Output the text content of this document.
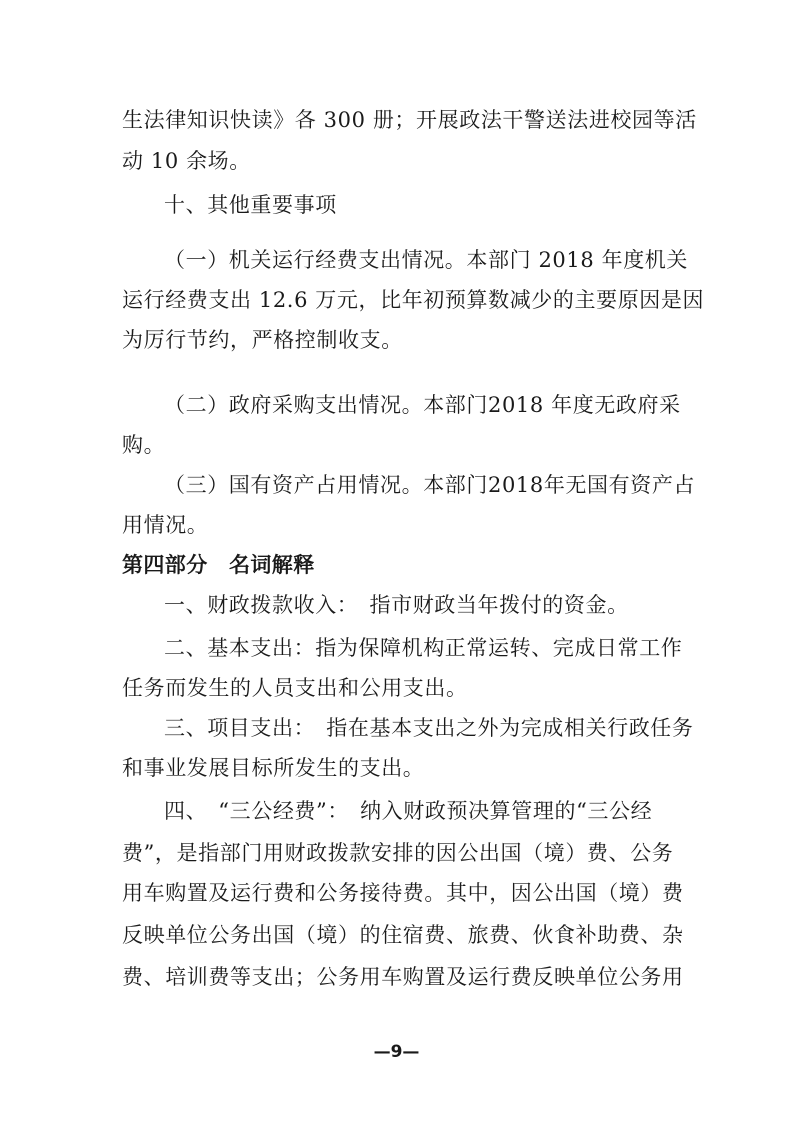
生法律知识快读》各 300 册；开展政法干警送法进校园等活
动 10 余场。
十、其他重要事项
（一）机关运行经费支出情况。本部门 2018 年度机关
运行经费支出 12.6 万元，比年初预算数减少的主要原因是因
为厉行节约，严格控制收支。
（二）政府采购支出情况。本部门2018 年度无政府采
购。
（三）国有资产占用情况。本部门2018年无国有资产占
用情况。
第四部分　名词解释
一、财政拨款收入：　指市财政当年拨付的资金。
二、基本支出：指为保障机构正常运转、完成日常工作
任务而发生的人员支出和公用支出。
三、项目支出：　指在基本支出之外为完成相关行政任务
和事业发展目标所发生的支出。
四、　“三公经费”：　纳入财政预决算管理的“三公经
费”，是指部门用财政拨款安排的因公出国（境）费、公务
用车购置及运行费和公务接待费。其中，因公出国（境）费
反映单位公务出国（境）的住宿费、旅费、伙食补助费、杂
费、培训费等支出；公务用车购置及运行费反映单位公务用
—9—
